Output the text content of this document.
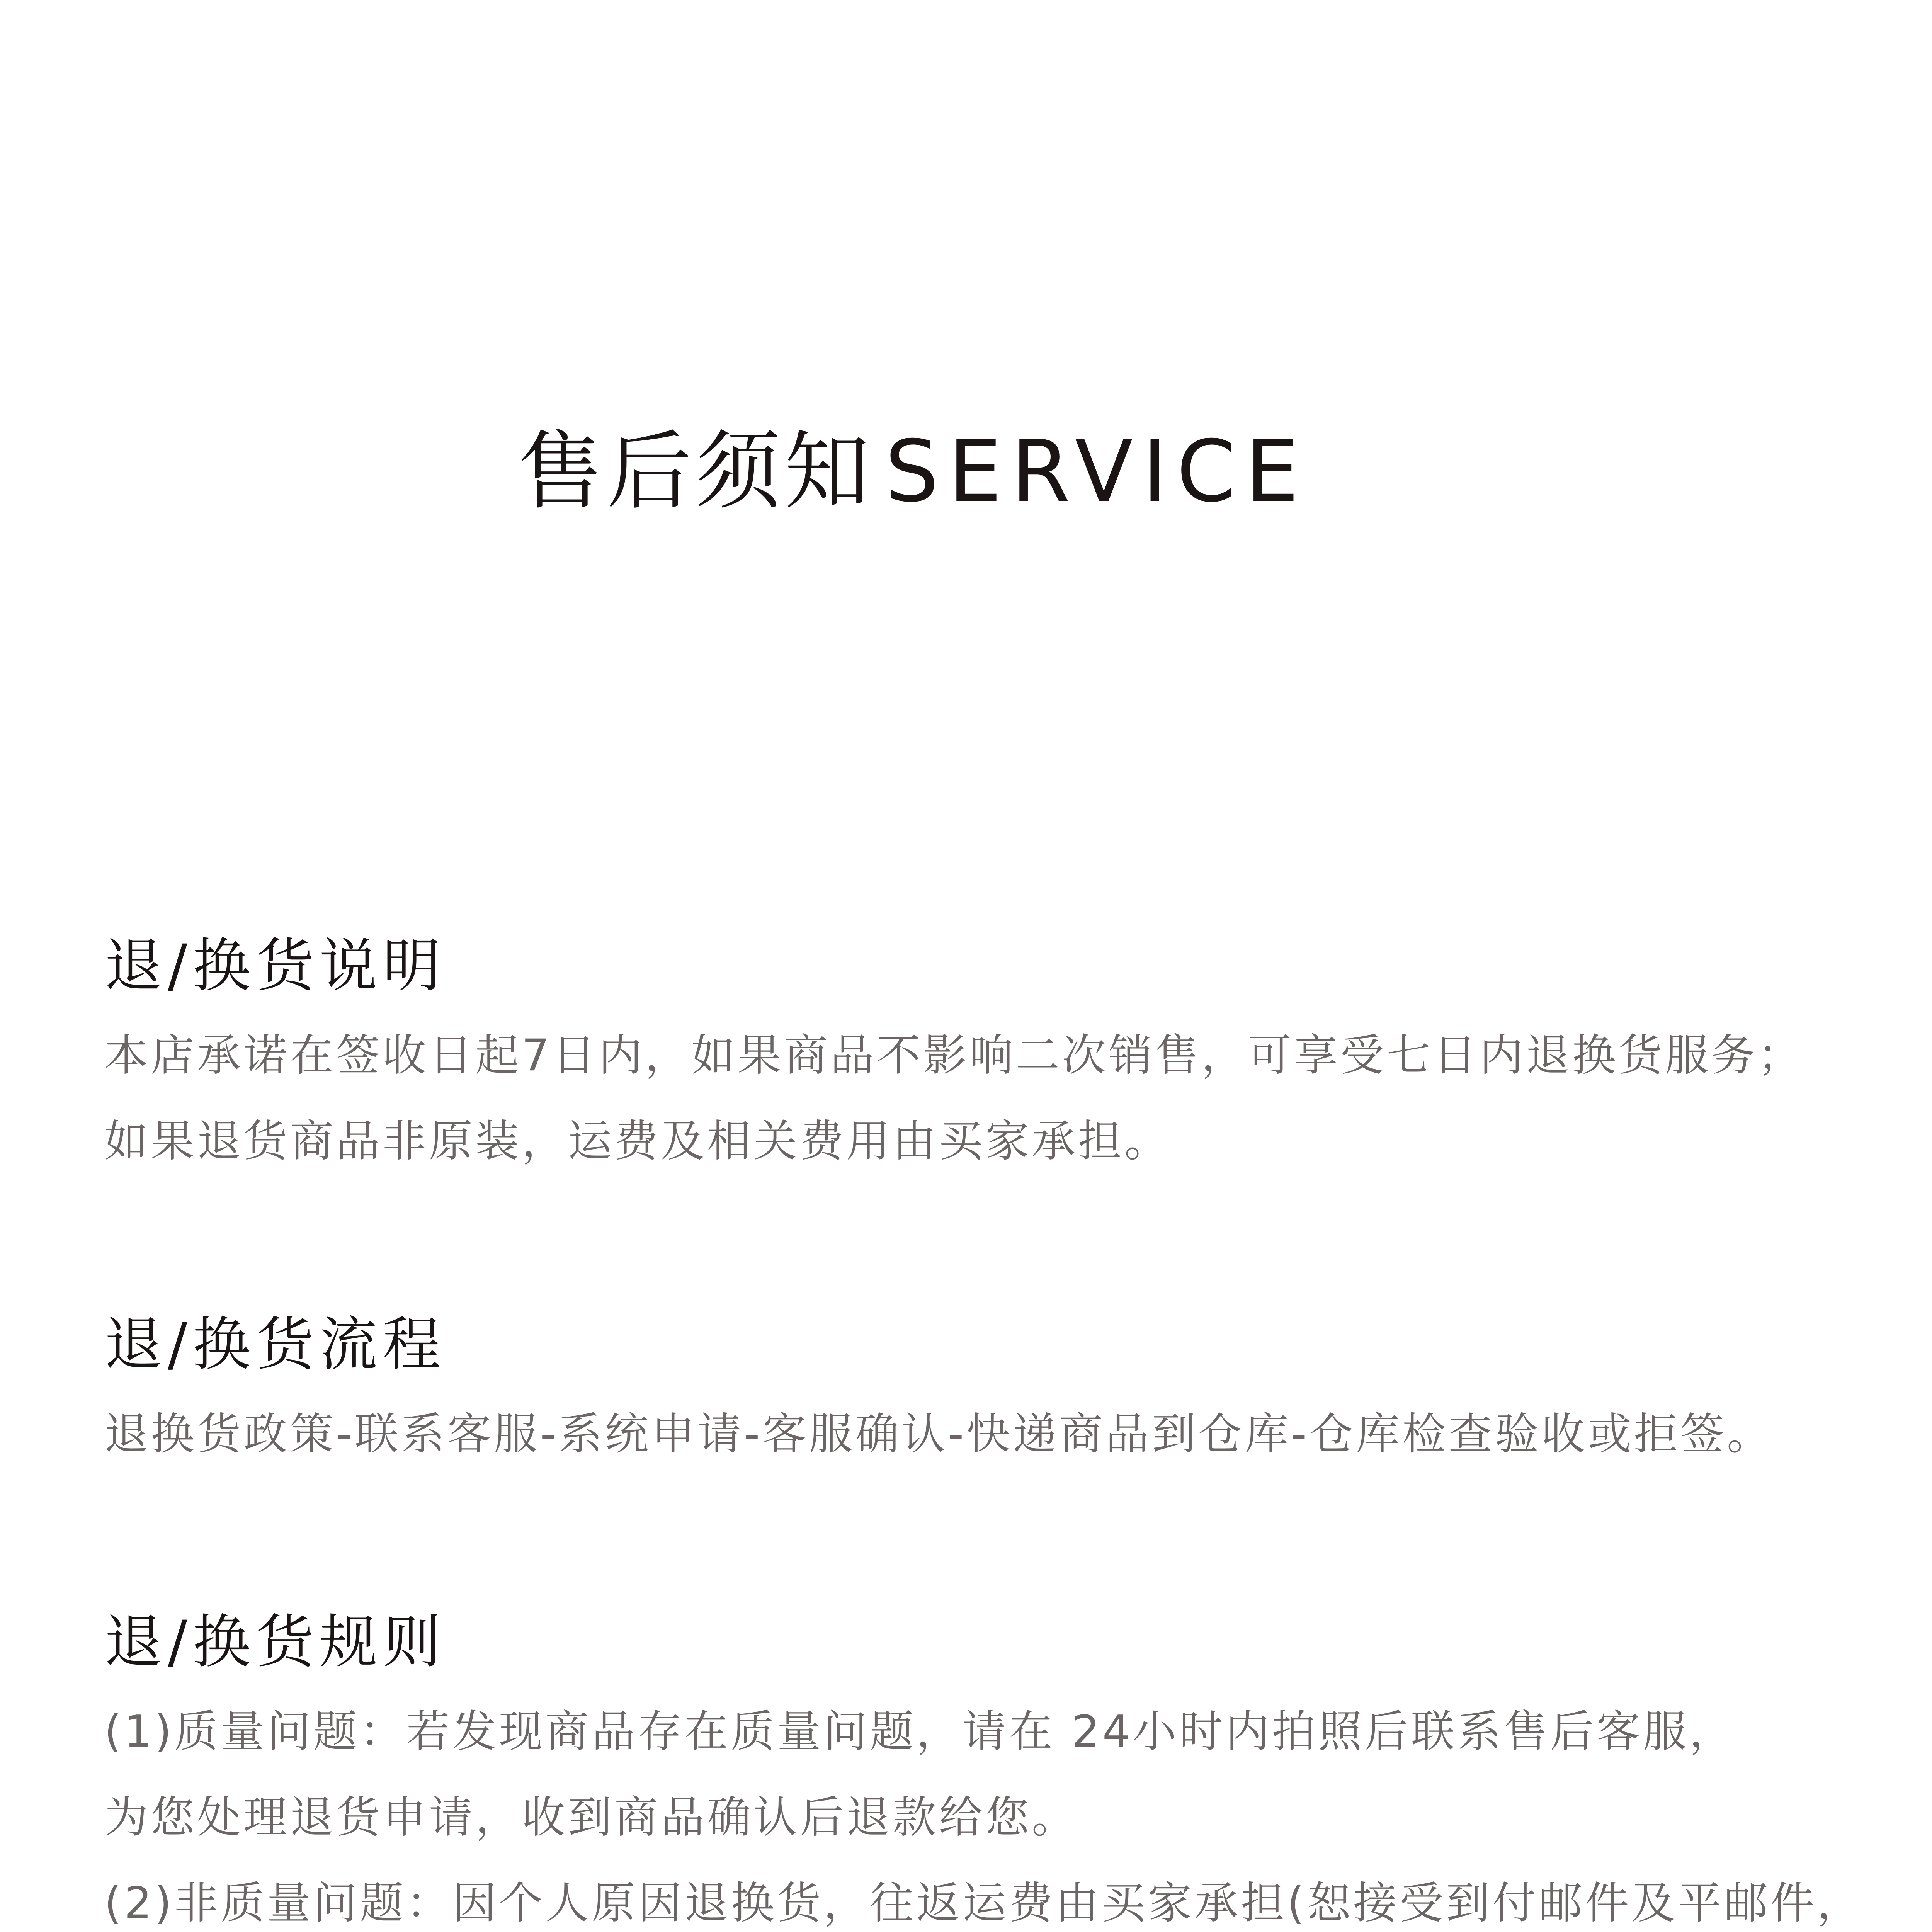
售后须知 SERVICE
退/换货说明

本店承诺在签收日起7日内，如果商品不影响二次销售，可享受七日内退换货服务；

如果退货商品非原装，运费及相关费用由买家承担。

退/换货流程

退换货政策-联系客服-系统申请-客服确认-快递商品到仓库-仓库检查验收或拒签。

退/换货规则

(1)质量问题：若发现商品存在质量问题，请在 24小时内拍照后联系售后客服，

为您处理退货申请，收到商品确认后退款给您。

(2)非质量问题：因个人原因退换货，往返运费由买家承担(恕接受到付邮件及平邮件，
